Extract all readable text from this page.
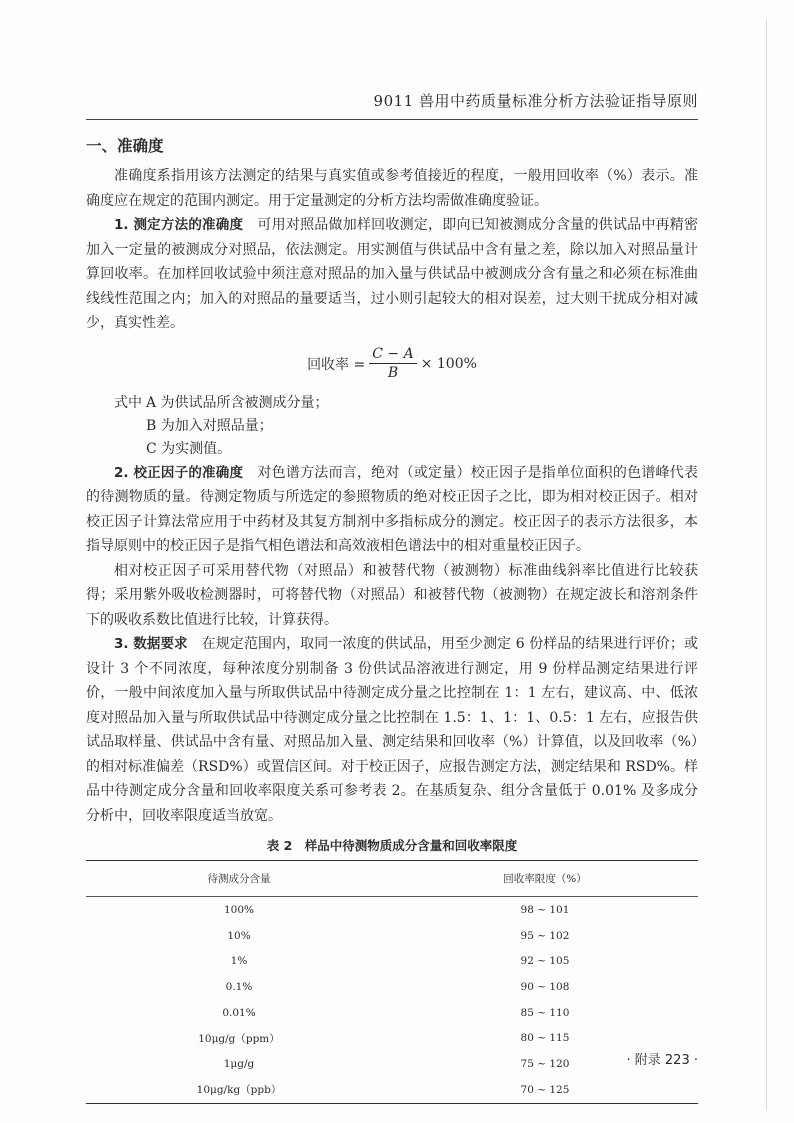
9011 兽用中药质量标准分析方法验证指导原则
一、准确度

准确度系指用该方法测定的结果与真实值或参考值接近的程度，一般用回收率（%）表示。准确度应在规定的范围内测定。用于定量测定的分析方法均需做准确度验证。

1. 测定方法的准确度　可用对照品做加样回收测定，即向已知被测成分含量的供试品中再精密加入一定量的被测成分对照品，依法测定。用实测值与供试品中含有量之差，除以加入对照品量计算回收率。在加样回收试验中须注意对照品的加入量与供试品中被测成分含有量之和必须在标准曲线线性范围之内；加入的对照品的量要适当，过小则引起较大的相对误差，过大则干扰成分相对减少，真实性差。

回收率 = $\frac{C - A}{B} \times 100\%$
式中 A 为供试品所含被测成分量；
B 为加入对照品量；
C 为实测值。

2. 校正因子的准确度　对色谱方法而言，绝对（或定量）校正因子是指单位面积的色谱峰代表的待测物质的量。待测定物质与所选定的参照物质的绝对校正因子之比，即为相对校正因子。相对校正因子计算法常应用于中药材及其复方制剂中多指标成分的测定。校正因子的表示方法很多，本指导原则中的校正因子是指气相色谱法和高效液相色谱法中的相对重量校正因子。

相对校正因子可采用替代物（对照品）和被替代物（被测物）标准曲线斜率比值进行比较获得；采用紫外吸收检测器时，可将替代物（对照品）和被替代物（被测物）在规定波长和溶剂条件下的吸收系数比值进行比较，计算获得。

3. 数据要求　在规定范围内，取同一浓度的供试品，用至少测定 6 份样品的结果进行评价；或设计 3 个不同浓度，每种浓度分别制备 3 份供试品溶液进行测定，用 9 份样品测定结果进行评价，一般中间浓度加入量与所取供试品中待测定成分量之比控制在 1：1 左右，建议高、中、低浓度对照品加入量与所取供试品中待测定成分量之比控制在 1.5：1、1：1、0.5：1 左右，应报告供试品取样量、供试品中含有量、对照品加入量、测定结果和回收率（%）计算值，以及回收率（%）的相对标准偏差（RSD%）或置信区间。对于校正因子，应报告测定方法，测定结果和 RSD%。样品中待测定成分含量和回收率限度关系可参考表 2。在基质复杂、组分含量低于 0.01% 及多成分分析中，回收率限度适当放宽。

表 2　样品中待测物质成分含量和回收率限度
待测成分含量	回收率限度（%）
100%	98 ~ 101
10%	95 ~ 102
1%	92 ~ 105
0.1%	90 ~ 108
0.01%	85 ~ 110
10μg/g（ppm）	80 ~ 115
1μg/g	75 ~ 120
10μg/kg（ppb）	70 ~ 125
· 附录 223 ·
